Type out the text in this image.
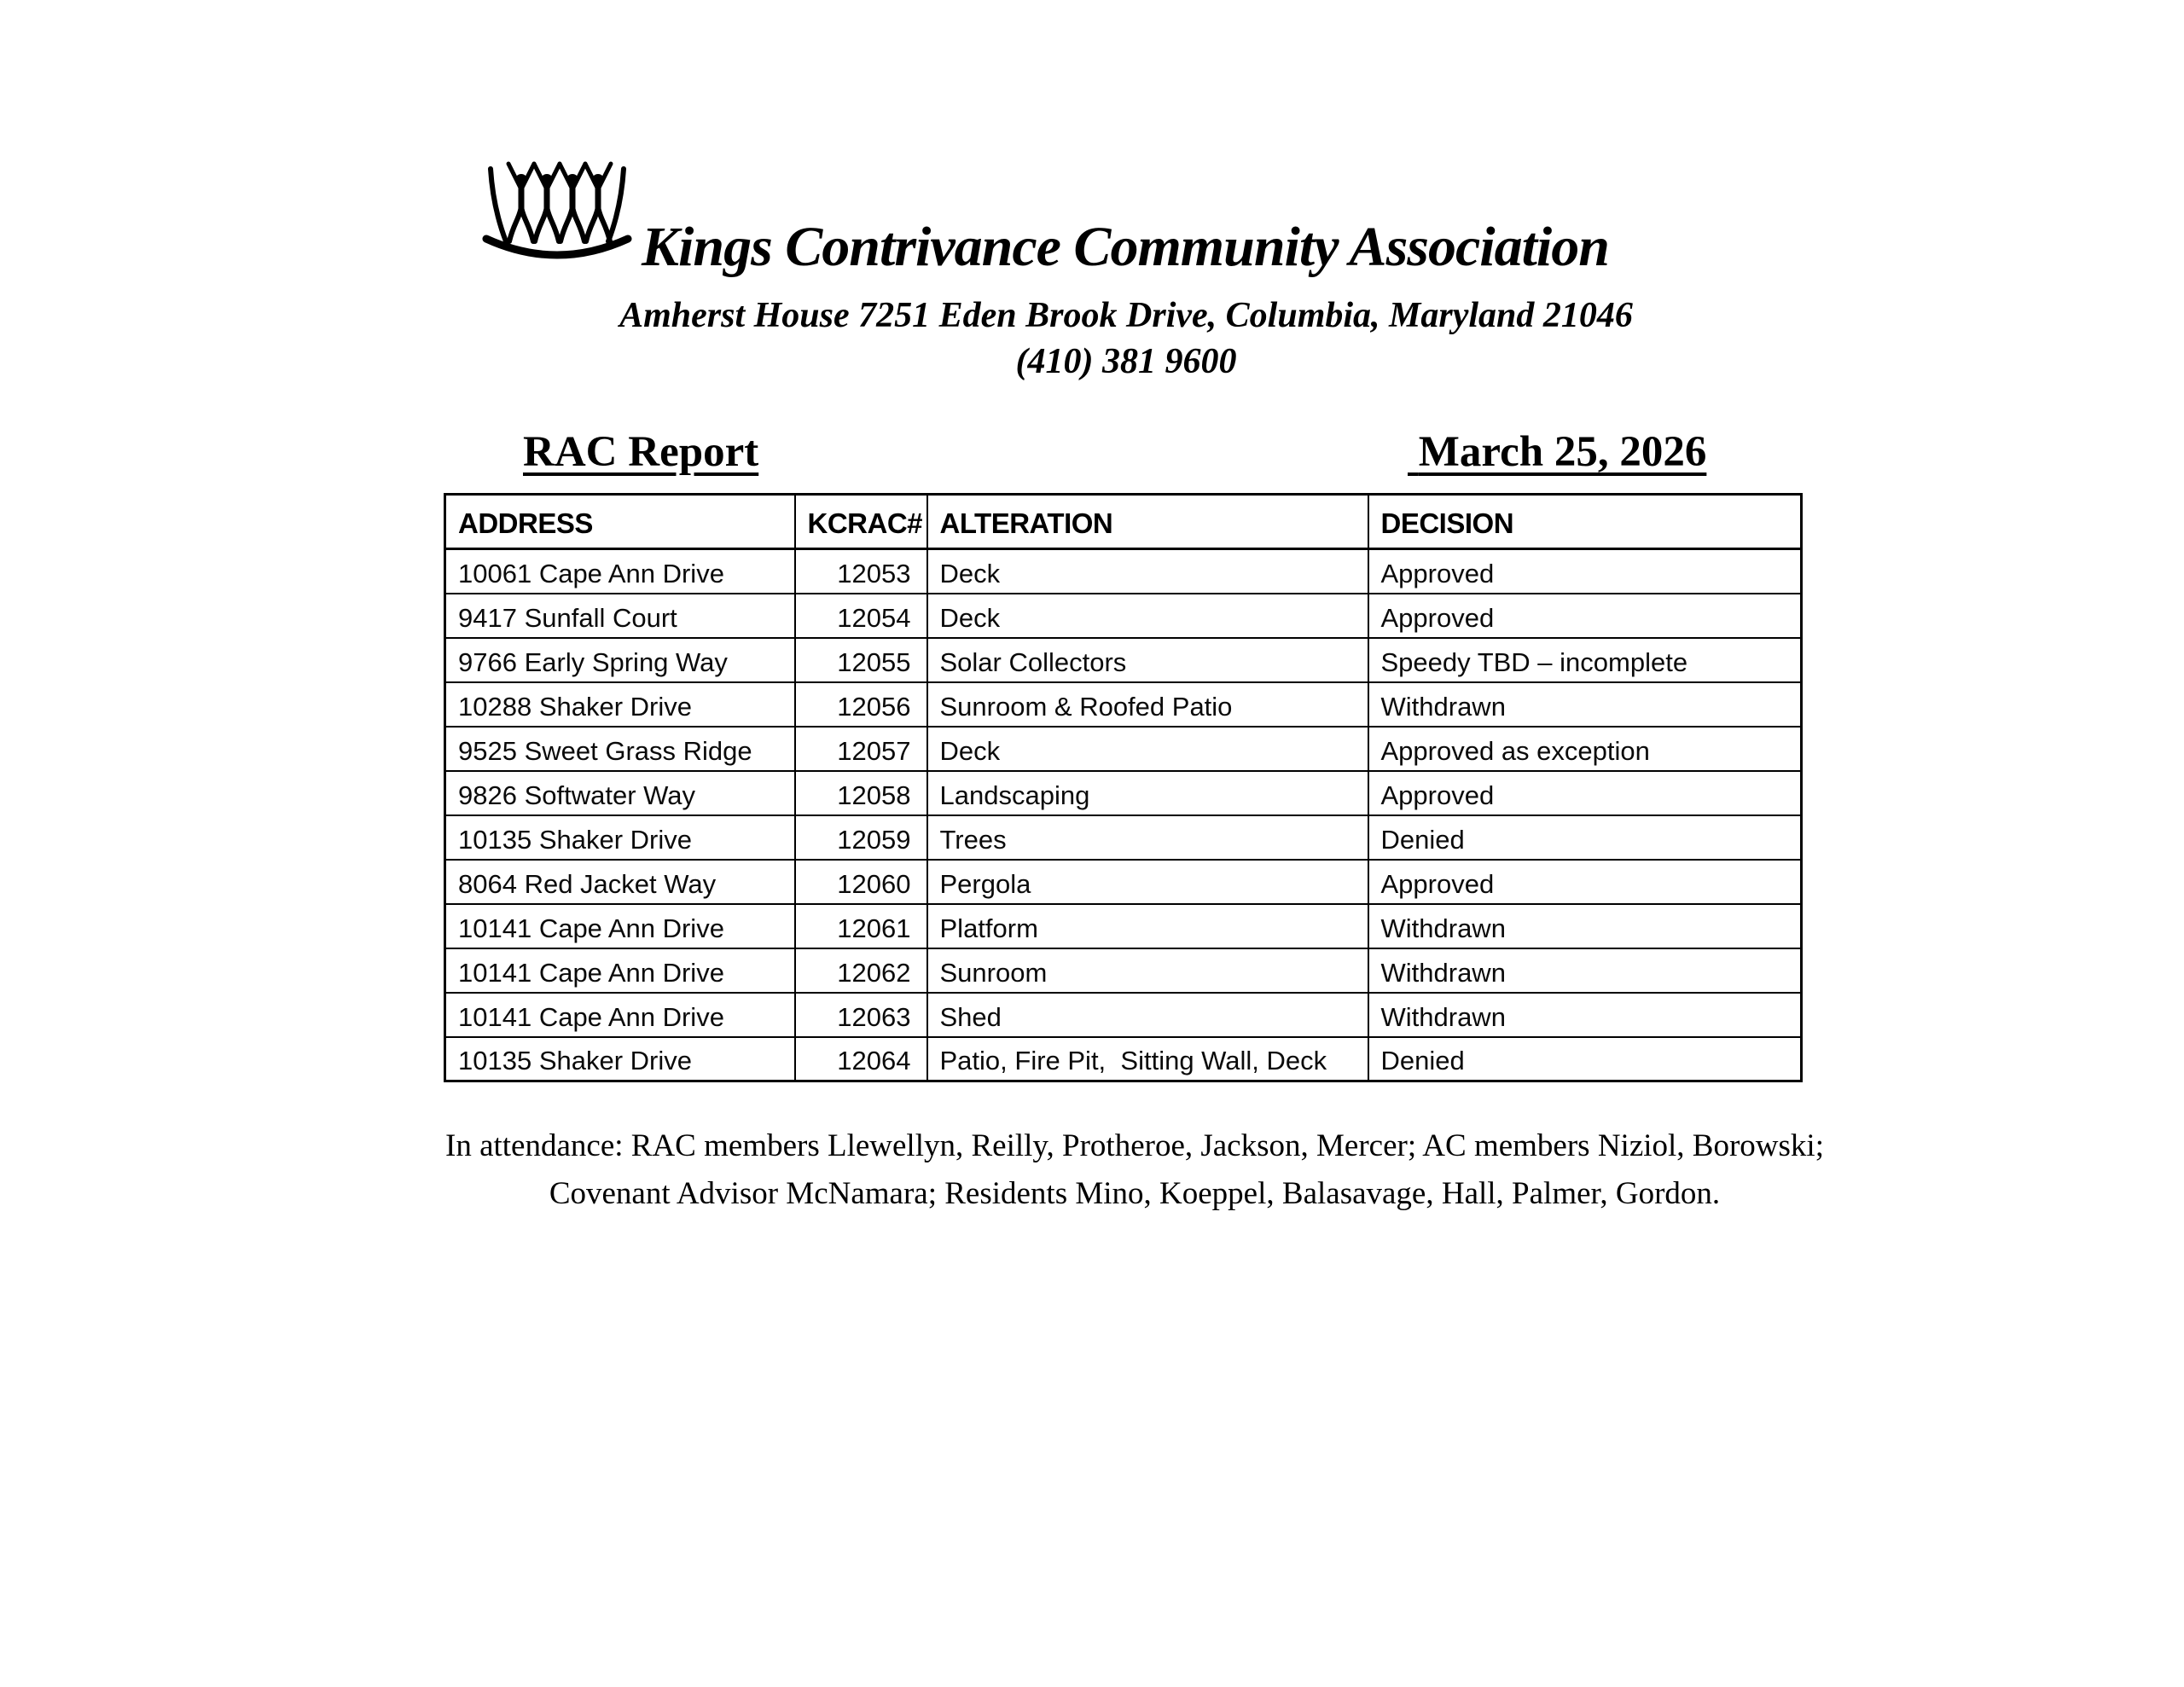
Kings Contrivance Community Association
Amherst House 7251 Eden Brook Drive, Columbia, Maryland 21046
(410) 381 9600
RAC Report	March 25, 2026
ADDRESS	KCRAC#	ALTERATION	DECISION
10061 Cape Ann Drive	12053	Deck	Approved
9417 Sunfall Court	12054	Deck	Approved
9766 Early Spring Way	12055	Solar Collectors	Speedy TBD – incomplete
10288 Shaker Drive	12056	Sunroom & Roofed Patio	Withdrawn
9525 Sweet Grass Ridge	12057	Deck	Approved as exception
9826 Softwater Way	12058	Landscaping	Approved
10135 Shaker Drive	12059	Trees	Denied
8064 Red Jacket Way	12060	Pergola	Approved
10141 Cape Ann Drive	12061	Platform	Withdrawn
10141 Cape Ann Drive	12062	Sunroom	Withdrawn
10141 Cape Ann Drive	12063	Shed	Withdrawn
10135 Shaker Drive	12064	Patio, Fire Pit,  Sitting Wall, Deck	Denied
In attendance: RAC members Llewellyn, Reilly, Protheroe, Jackson, Mercer; AC members Niziol, Borowski;
Covenant Advisor McNamara; Residents Mino, Koeppel, Balasavage, Hall, Palmer, Gordon.
